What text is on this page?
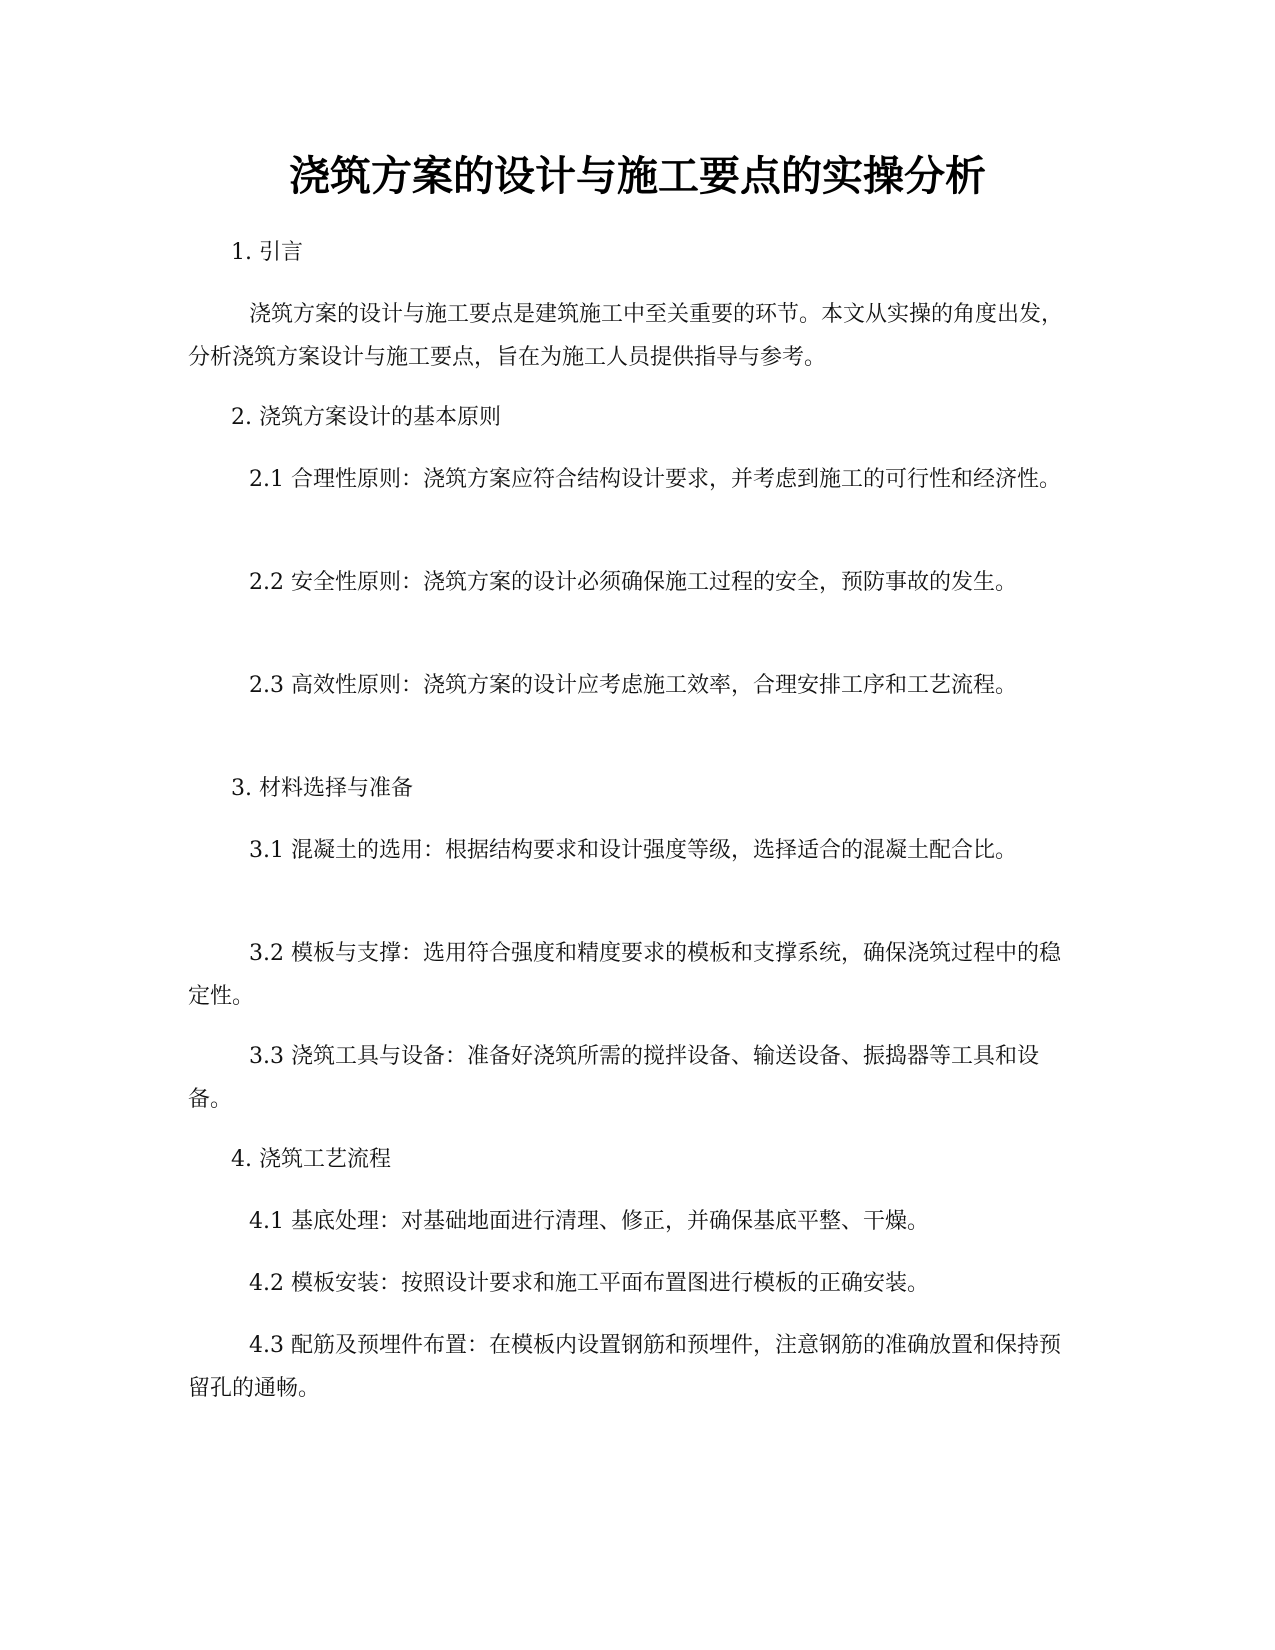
浇筑方案的设计与施工要点的实操分析

1. 引言

浇筑方案的设计与施工要点是建筑施工中至关重要的环节。本文从实操的角度出发，分析浇筑方案设计与施工要点，旨在为施工人员提供指导与参考。

2. 浇筑方案设计的基本原则

2.1 合理性原则：浇筑方案应符合结构设计要求，并考虑到施工的可行性和经济性。

2.2 安全性原则：浇筑方案的设计必须确保施工过程的安全，预防事故的发生。

2.3 高效性原则：浇筑方案的设计应考虑施工效率，合理安排工序和工艺流程。

3. 材料选择与准备

3.1 混凝土的选用：根据结构要求和设计强度等级，选择适合的混凝土配合比。

3.2 模板与支撑：选用符合强度和精度要求的模板和支撑系统，确保浇筑过程中的稳定性。

3.3 浇筑工具与设备：准备好浇筑所需的搅拌设备、输送设备、振捣器等工具和设备。

4. 浇筑工艺流程

4.1 基底处理：对基础地面进行清理、修正，并确保基底平整、干燥。

4.2 模板安装：按照设计要求和施工平面布置图进行模板的正确安装。

4.3 配筋及预埋件布置：在模板内设置钢筋和预埋件，注意钢筋的准确放置和保持预留孔的通畅。
